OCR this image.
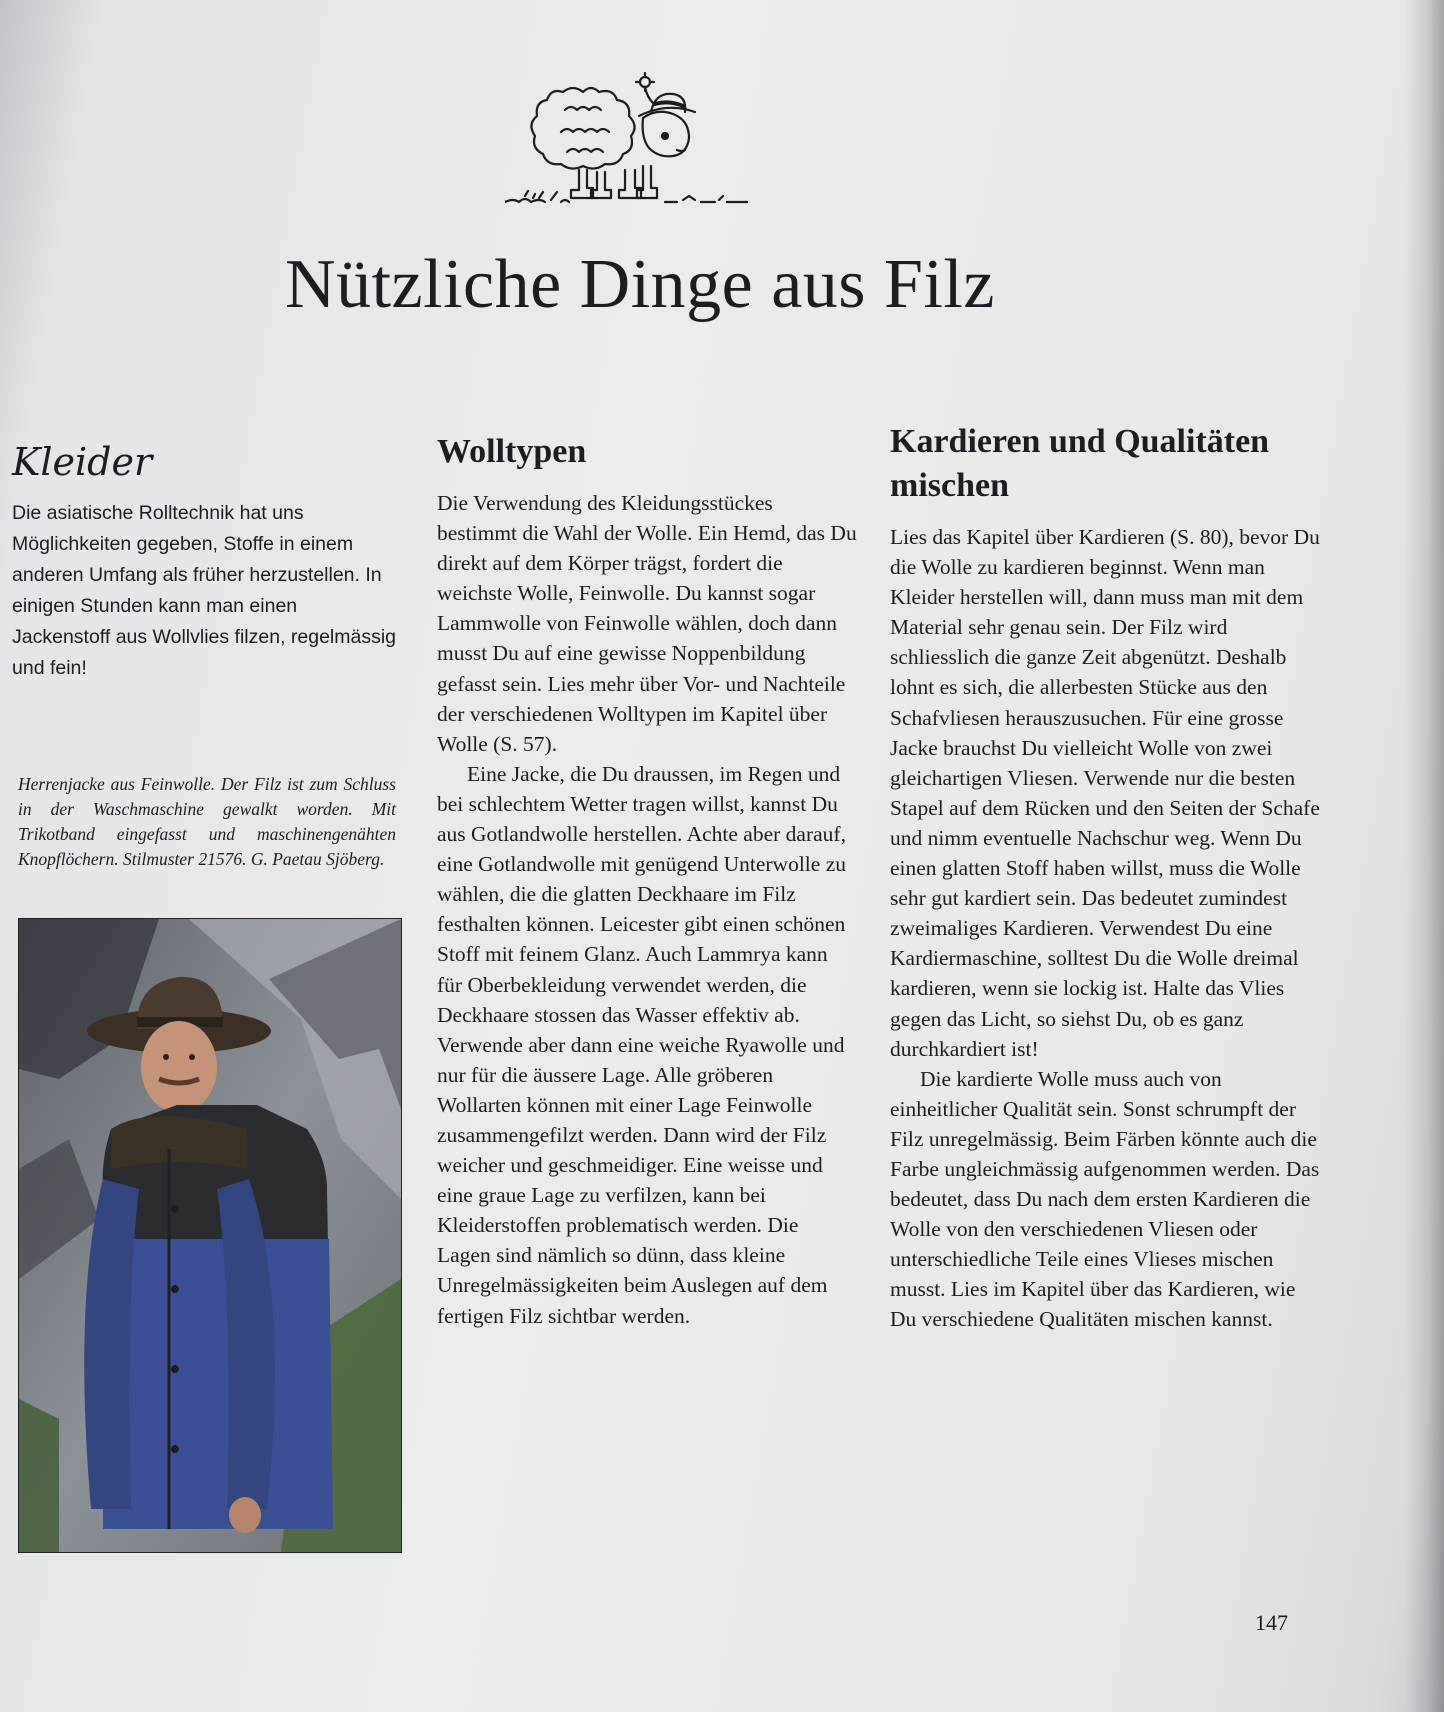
Nützliche Dinge aus Filz
Kleider

Die asiatische Rolltechnik hat uns Möglichkeiten gegeben, Stoffe in einem anderen Umfang als früher herzustellen. In einigen Stunden kann man einen Jackenstoff aus Wollvlies filzen, regelmässig und fein!

Herrenjacke aus Feinwolle. Der Filz ist zum Schluss in der Waschmaschine gewalkt worden. Mit Trikotband eingefasst und maschinengenähten Knopflöchern. Stilmuster 21576. G. Paetau Sjöberg.
Wolltypen

Die Verwendung des Kleidungsstückes bestimmt die Wahl der Wolle. Ein Hemd, das Du direkt auf dem Körper trägst, fordert die weichste Wolle, Feinwolle. Du kannst sogar Lammwolle von Feinwolle wählen, doch dann musst Du auf eine gewisse Noppenbildung gefasst sein. Lies mehr über Vor- und Nachteile der verschiedenen Wolltypen im Kapitel über Wolle (S. 57).

Eine Jacke, die Du draussen, im Regen und bei schlechtem Wetter tragen willst, kannst Du aus Gotlandwolle herstellen. Achte aber darauf, eine Gotlandwolle mit genügend Unterwolle zu wählen, die die glatten Deckhaare im Filz festhalten können. Leicester gibt einen schönen Stoff mit feinem Glanz. Auch Lammrya kann für Oberbekleidung verwendet werden, die Deckhaare stossen das Wasser effektiv ab. Verwende aber dann eine weiche Ryawolle und nur für die äussere Lage. Alle gröberen Wollarten können mit einer Lage Feinwolle zusammengefilzt werden. Dann wird der Filz weicher und geschmeidiger. Eine weisse und eine graue Lage zu verfilzen, kann bei Kleiderstoffen problematisch werden. Die Lagen sind nämlich so dünn, dass kleine Unregelmässigkeiten beim Auslegen auf dem fertigen Filz sichtbar werden.

Kardieren und Qualitäten mischen

Lies das Kapitel über Kardieren (S. 80), bevor Du die Wolle zu kardieren beginnst. Wenn man Kleider herstellen will, dann muss man mit dem Material sehr genau sein. Der Filz wird schliesslich die ganze Zeit abgenützt. Deshalb lohnt es sich, die allerbesten Stücke aus den Schafvliesen herauszusuchen. Für eine grosse Jacke brauchst Du vielleicht Wolle von zwei gleichartigen Vliesen. Verwende nur die besten Stapel auf dem Rücken und den Seiten der Schafe und nimm eventuelle Nachschur weg. Wenn Du einen glatten Stoff haben willst, muss die Wolle sehr gut kardiert sein. Das bedeutet zumindest zweimaliges Kardieren. Verwendest Du eine Kardiermaschine, solltest Du die Wolle dreimal kardieren, wenn sie lockig ist. Halte das Vlies gegen das Licht, so siehst Du, ob es ganz durchkardiert ist!

Die kardierte Wolle muss auch von einheitlicher Qualität sein. Sonst schrumpft der Filz unregelmässig. Beim Färben könnte auch die Farbe ungleichmässig aufgenommen werden. Das bedeutet, dass Du nach dem ersten Kardieren die Wolle von den verschiedenen Vliesen oder unterschiedliche Teile eines Vlieses mischen musst. Lies im Kapitel über das Kardieren, wie Du verschiedene Qualitäten mischen kannst.

147
